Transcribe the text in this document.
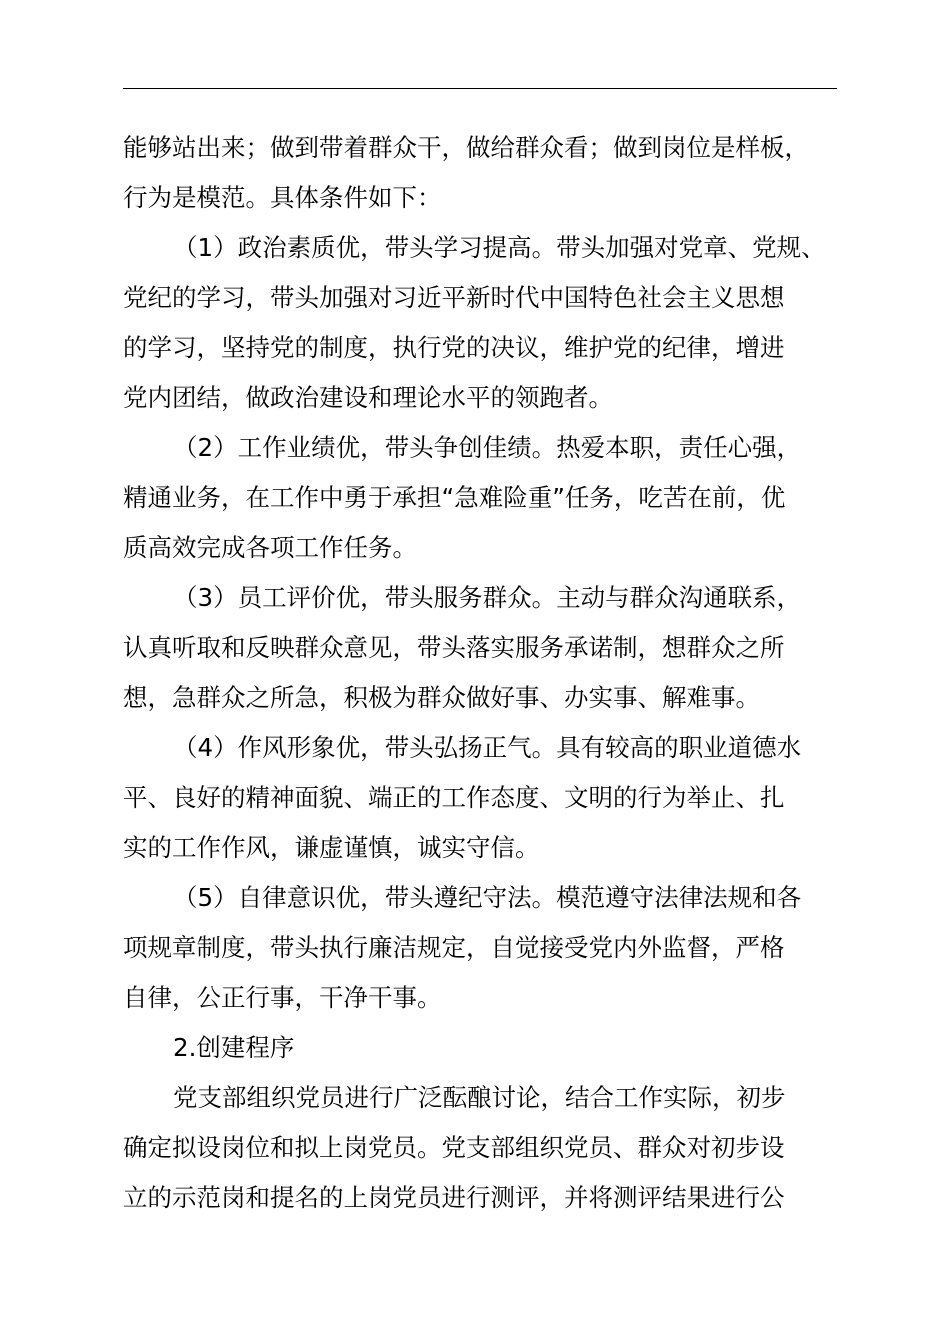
能够站出来；做到带着群众干，做给群众看；做到岗位是样板，

行为是模范。具体条件如下：

（1）政治素质优，带头学习提高。带头加强对党章、党规、

党纪的学习，带头加强对习近平新时代中国特色社会主义思想

的学习，坚持党的制度，执行党的决议，维护党的纪律，增进

党内团结，做政治建设和理论水平的领跑者。

（2）工作业绩优，带头争创佳绩。热爱本职，责任心强，

精通业务，在工作中勇于承担“急难险重”任务，吃苦在前，优

质高效完成各项工作任务。

（3）员工评价优，带头服务群众。主动与群众沟通联系，

认真听取和反映群众意见，带头落实服务承诺制，想群众之所

想，急群众之所急，积极为群众做好事、办实事、解难事。

（4）作风形象优，带头弘扬正气。具有较高的职业道德水

平、良好的精神面貌、端正的工作态度、文明的行为举止、扎

实的工作作风，谦虚谨慎，诚实守信。

（5）自律意识优，带头遵纪守法。模范遵守法律法规和各

项规章制度，带头执行廉洁规定，自觉接受党内外监督，严格

自律，公正行事，干净干事。

2.创建程序

党支部组织党员进行广泛酝酿讨论，结合工作实际，初步

确定拟设岗位和拟上岗党员。党支部组织党员、群众对初步设

立的示范岗和提名的上岗党员进行测评，并将测评结果进行公
